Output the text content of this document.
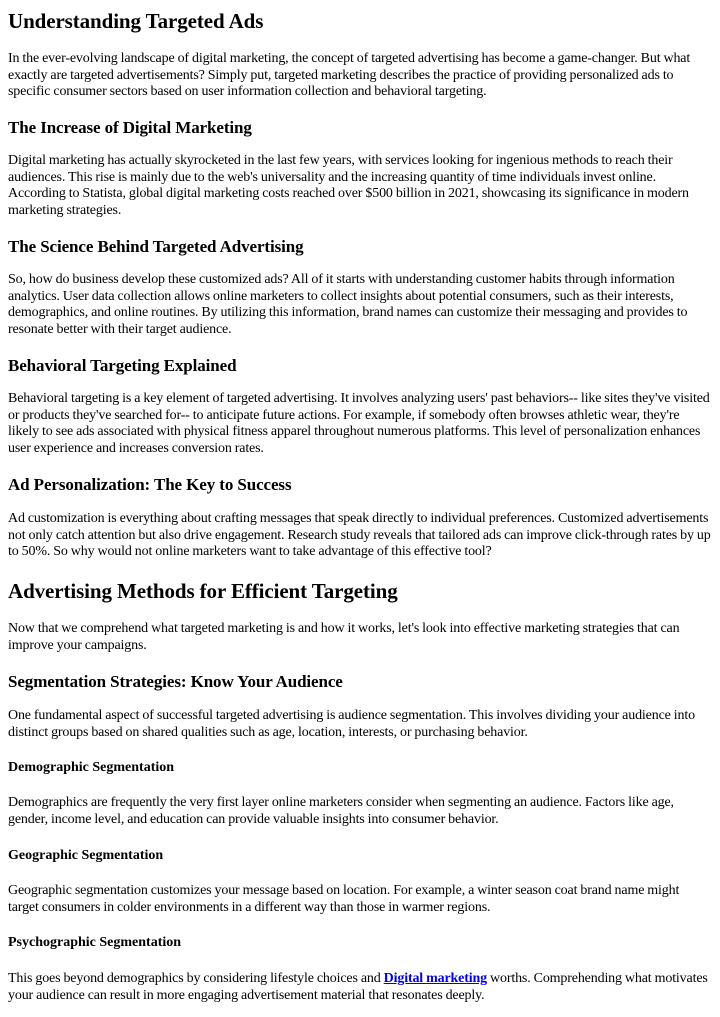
Understanding Targeted Ads

In the ever-evolving landscape of digital marketing, the concept of targeted advertising has become a game-changer. But what exactly are targeted advertisements? Simply put, targeted marketing describes the practice of providing personalized ads to specific consumer sectors based on user information collection and behavioral targeting.

The Increase of Digital Marketing

Digital marketing has actually skyrocketed in the last few years, with services looking for ingenious methods to reach their audiences. This rise is mainly due to the web's universality and the increasing quantity of time individuals invest online. According to Statista, global digital marketing costs reached over $500 billion in 2021, showcasing its significance in modern marketing strategies.

The Science Behind Targeted Advertising

So, how do business develop these customized ads? All of it starts with understanding customer habits through information analytics. User data collection allows online marketers to collect insights about potential consumers, such as their interests, demographics, and online routines. By utilizing this information, brand names can customize their messaging and provides to resonate better with their target audience.

Behavioral Targeting Explained

Behavioral targeting is a key element of targeted advertising. It involves analyzing users' past behaviors-- like sites they've visited or products they've searched for-- to anticipate future actions. For example, if somebody often browses athletic wear, they're likely to see ads associated with physical fitness apparel throughout numerous platforms. This level of personalization enhances user experience and increases conversion rates.

Ad Personalization: The Key to Success

Ad customization is everything about crafting messages that speak directly to individual preferences. Customized advertisements not only catch attention but also drive engagement. Research study reveals that tailored ads can improve click-through rates by up to 50%. So why would not online marketers want to take advantage of this effective tool?

Advertising Methods for Efficient Targeting

Now that we comprehend what targeted marketing is and how it works, let's look into effective marketing strategies that can improve your campaigns.

Segmentation Strategies: Know Your Audience

One fundamental aspect of successful targeted advertising is audience segmentation. This involves dividing your audience into distinct groups based on shared qualities such as age, location, interests, or purchasing behavior.

Demographic Segmentation

Demographics are frequently the very first layer online marketers consider when segmenting an audience. Factors like age, gender, income level, and education can provide valuable insights into consumer behavior.

Geographic Segmentation

Geographic segmentation customizes your message based on location. For example, a winter season coat brand name might target consumers in colder environments in a different way than those in warmer regions.

Psychographic Segmentation

This goes beyond demographics by considering lifestyle choices and Digital marketing worths. Comprehending what motivates your audience can result in more engaging advertisement material that resonates deeply.
